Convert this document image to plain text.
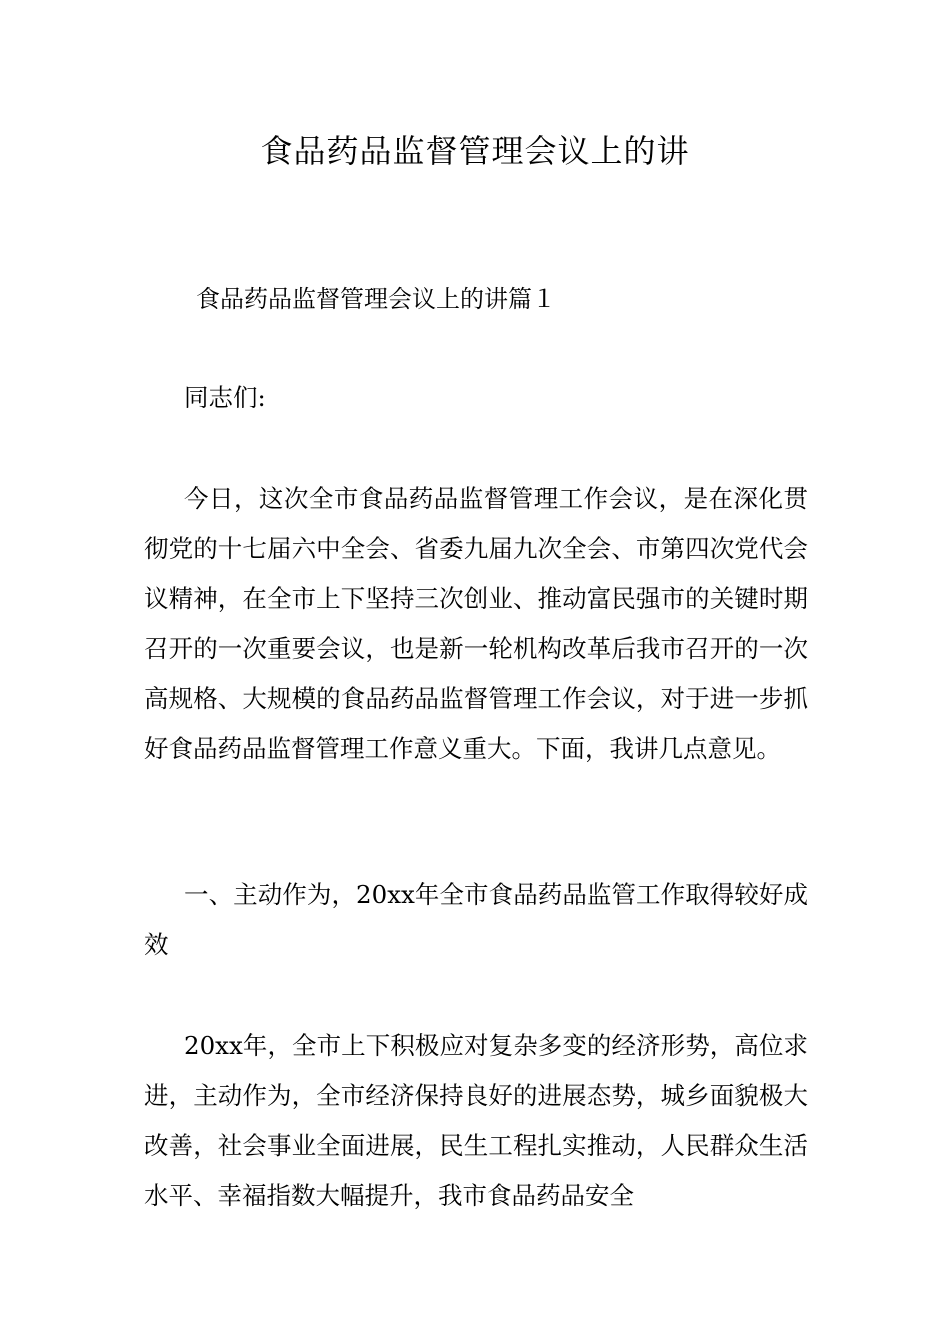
食品药品监督管理会议上的讲
食品药品监督管理会议上的讲篇１

同志们:

今日，这次全市食品药品监督管理工作会议，是在深化贯彻党的十七届六中全会、省委九届九次全会、市第四次党代会议精神，在全市上下坚持三次创业、推动富民强市的关键时期召开的一次重要会议，也是新一轮机构改革后我市召开的一次高规格、大规模的食品药品监督管理工作会议，对于进一步抓好食品药品监督管理工作意义重大。下面，我讲几点意见。

一、主动作为，20xx年全市食品药品监管工作取得较好成效

20xx年，全市上下积极应对复杂多变的经济形势，高位求进，主动作为，全市经济保持良好的进展态势，城乡面貌极大改善，社会事业全面进展，民生工程扎实推动，人民群众生活水平、幸福指数大幅提升，我市食品药品安全
